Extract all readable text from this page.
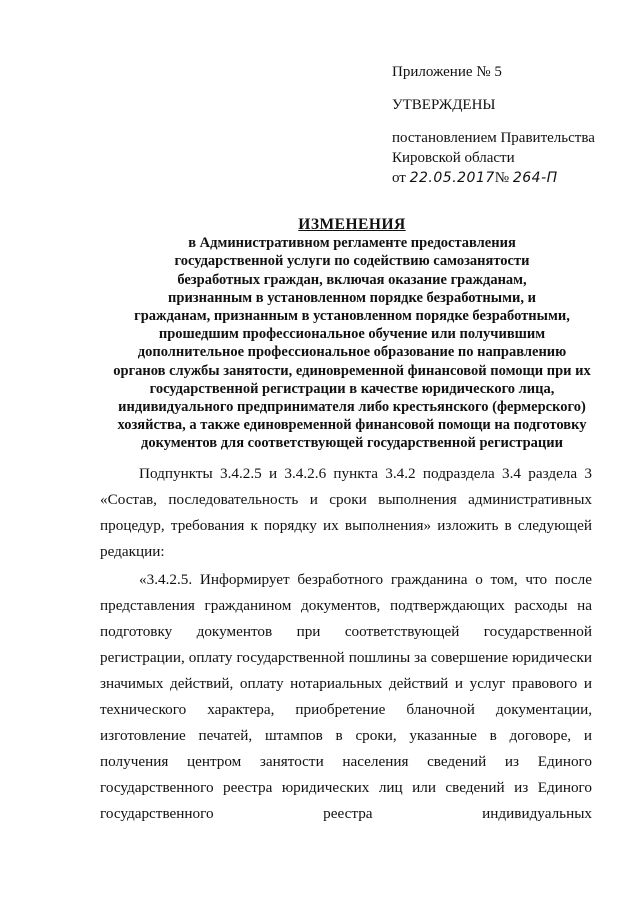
Приложение № 5
УТВЕРЖДЕНЫ
постановлением Правительства
Кировской области
от 22.05.2017№ 264-П
ИЗМЕНЕНИЯ
в Административном регламенте предоставления
государственной услуги по содействию самозанятости
безработных граждан, включая оказание гражданам,
признанным в установленном порядке безработными, и
гражданам, признанным в установленном порядке безработными,
прошедшим профессиональное обучение или получившим
дополнительное профессиональное образование по направлению
органов службы занятости, единовременной финансовой помощи при их
государственной регистрации в качестве юридического лица,
индивидуального предпринимателя либо крестьянского (фермерского)
хозяйства, а также единовременной финансовой помощи на подготовку
документов для соответствующей государственной регистрации

Подпункты 3.4.2.5 и 3.4.2.6 пункта 3.4.2 подраздела 3.4 раздела 3 «Состав, последовательность и сроки выполнения административных процедур, требования к порядку их выполнения» изложить в следующей редакции:

«3.4.2.5. Информирует безработного гражданина о том, что после представления гражданином документов, подтверждающих расходы на подготовку документов при соответствующей государственной регистрации, оплату государственной пошлины за совершение юридически значимых действий, оплату нотариальных действий и услуг правового и технического характера, приобретение бланочной документации, изготовление печатей, штампов в сроки, указанные в договоре, и получения центром занятости населения сведений из Единого государственного реестра юридических лиц или сведений из Единого государственного реестра индивидуальных
